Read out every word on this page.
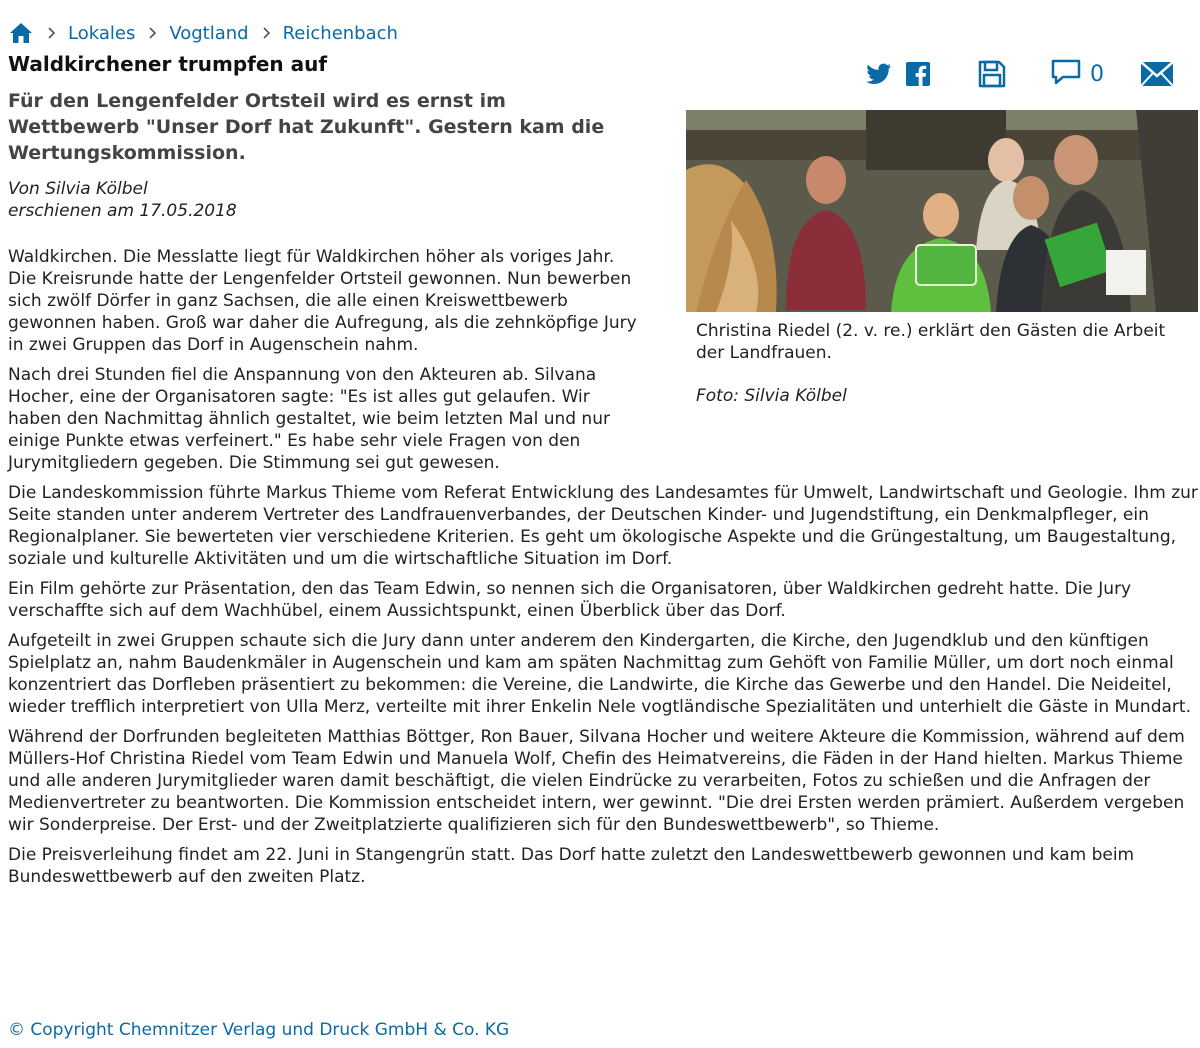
Lokales Vogtland Reichenbach
Waldkirchener trumpfen auf	0

Für den Lengenfelder Ortsteil wird es ernst im Wettbewerb "Unser Dorf hat Zukunft". Gestern kam die Wertungskommission.

Von Silvia Kölbel
erschienen am 17.05.2018
Christina Riedel (2. v. re.) erklärt den Gästen die Arbeit der Landfrauen.
Foto: Silvia Kölbel

Waldkirchen. Die Messlatte liegt für Waldkirchen höher als voriges Jahr. Die Kreisrunde hatte der Lengenfelder Ortsteil gewonnen. Nun bewerben sich zwölf Dörfer in ganz Sachsen, die alle einen Kreiswettbewerb gewonnen haben. Groß war daher die Aufregung, als die zehnköpfige Jury in zwei Gruppen das Dorf in Augenschein nahm.

Nach drei Stunden fiel die Anspannung von den Akteuren ab. Silvana Hocher, eine der Organisatoren sagte: "Es ist alles gut gelaufen. Wir haben den Nachmittag ähnlich gestaltet, wie beim letzten Mal und nur einige Punkte etwas verfeinert." Es habe sehr viele Fragen von den Jurymitgliedern gegeben. Die Stimmung sei gut gewesen.

Die Landeskommission führte Markus Thieme vom Referat Entwicklung des Landesamtes für Umwelt, Landwirtschaft und Geologie. Ihm zur Seite standen unter anderem Vertreter des Landfrauenverbandes, der Deutschen Kinder- und Jugendstiftung, ein Denkmalpfleger, ein Regionalplaner. Sie bewerteten vier verschiedene Kriterien. Es geht um ökologische Aspekte und die Grüngestaltung, um Baugestaltung, soziale und kulturelle Aktivitäten und um die wirtschaftliche Situation im Dorf.

Ein Film gehörte zur Präsentation, den das Team Edwin, so nennen sich die Organisatoren, über Waldkirchen gedreht hatte. Die Jury verschaffte sich auf dem Wachhübel, einem Aussichtspunkt, einen Überblick über das Dorf.

Aufgeteilt in zwei Gruppen schaute sich die Jury dann unter anderem den Kindergarten, die Kirche, den Jugendklub und den künftigen Spielplatz an, nahm Baudenkmäler in Augenschein und kam am späten Nachmittag zum Gehöft von Familie Müller, um dort noch einmal konzentriert das Dorfleben präsentiert zu bekommen: die Vereine, die Landwirte, die Kirche das Gewerbe und den Handel. Die Neideitel, wieder trefflich interpretiert von Ulla Merz, verteilte mit ihrer Enkelin Nele vogtländische Spezialitäten und unterhielt die Gäste in Mundart.

Während der Dorfrunden begleiteten Matthias Böttger, Ron Bauer, Silvana Hocher und weitere Akteure die Kommission, während auf dem Müllers-Hof Christina Riedel vom Team Edwin und Manuela Wolf, Chefin des Heimatvereins, die Fäden in der Hand hielten. Markus Thieme und alle anderen Jurymitglieder waren damit beschäftigt, die vielen Eindrücke zu verarbeiten, Fotos zu schießen und die Anfragen der Medienvertreter zu beantworten. Die Kommission entscheidet intern, wer gewinnt. "Die drei Ersten werden prämiert. Außerdem vergeben wir Sonderpreise. Der Erst- und der Zweitplatzierte qualifizieren sich für den Bundeswettbewerb", so Thieme.

Die Preisverleihung findet am 22. Juni in Stangengrün statt. Das Dorf hatte zuletzt den Landeswettbewerb gewonnen und kam beim Bundeswettbewerb auf den zweiten Platz.

© Copyright Chemnitzer Verlag und Druck GmbH & Co. KG
